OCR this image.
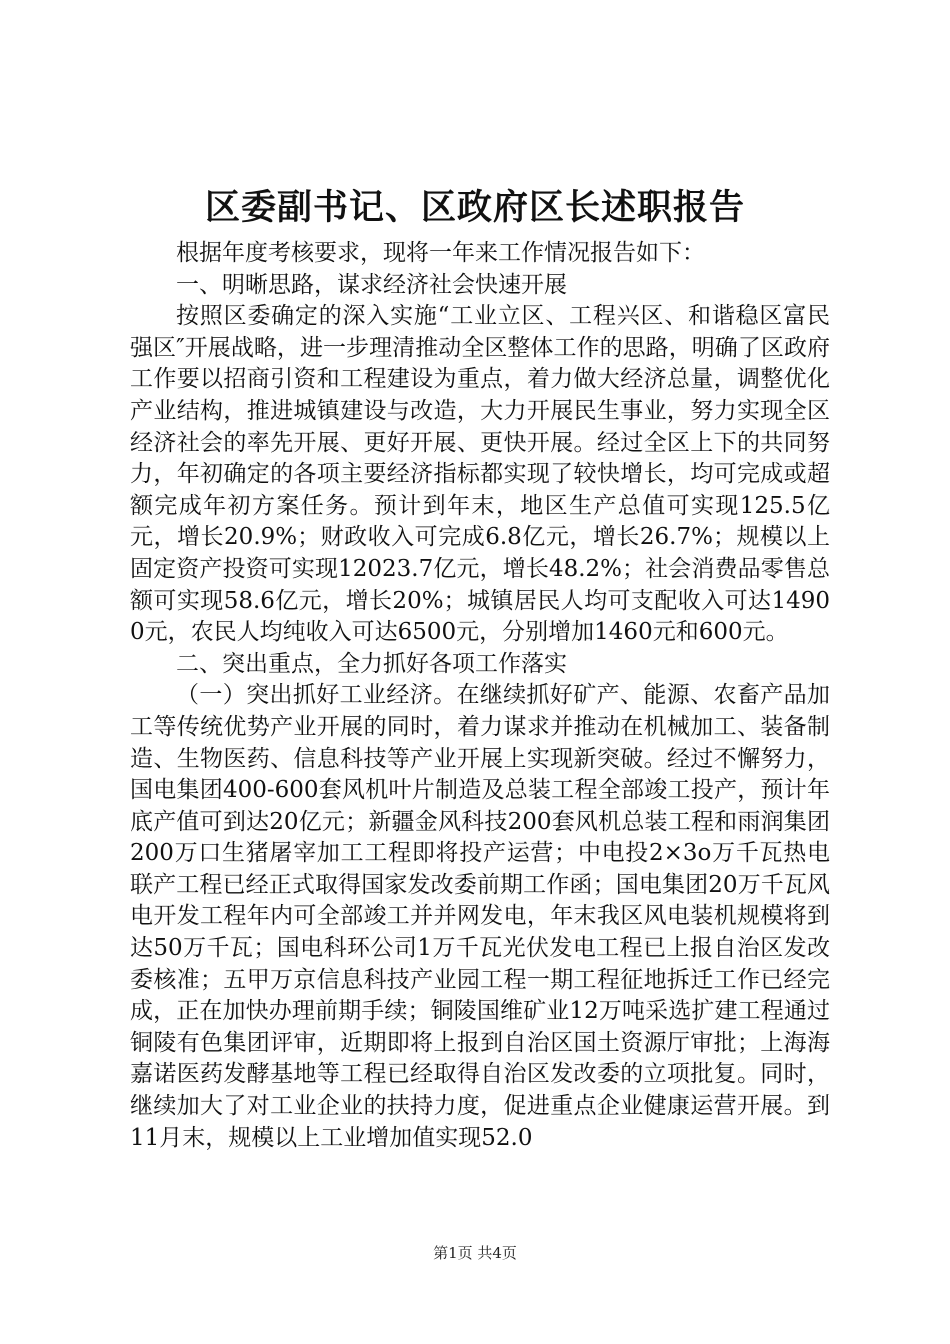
区委副书记、区政府区长述职报告

根据年度考核要求，现将一年来工作情况报告如下：

一、明晰思路，谋求经济社会快速开展

按照区委确定的深入实施“工业立区、工程兴区、和谐稳区富民强区″开展战略，进一步理清推动全区整体工作的思路，明确了区政府工作要以招商引资和工程建设为重点，着力做大经济总量，调整优化产业结构，推进城镇建设与改造，大力开展民生事业，努力实现全区经济社会的率先开展、更好开展、更快开展。经过全区上下的共同努力，年初确定的各项主要经济指标都实现了较快增长，均可完成或超额完成年初方案任务。预计到年末，地区生产总值可实现125.5亿元，增长20.9%；财政收入可完成6.8亿元，增长26.7%；规模以上固定资产投资可实现12023.7亿元，增长48.2%；社会消费品零售总额可实现58.6亿元，增长20%；城镇居民人均可支配收入可达14900元，农民人均纯收入可达6500元，分别增加1460元和600元。

二、突出重点，全力抓好各项工作落实

（一）突出抓好工业经济。在继续抓好矿产、能源、农畜产品加工等传统优势产业开展的同时，着力谋求并推动在机械加工、装备制造、生物医药、信息科技等产业开展上实现新突破。经过不懈努力，国电集团400-600套风机叶片制造及总装工程全部竣工投产，预计年底产值可到达20亿元；新疆金风科技200套风机总装工程和雨润集团200万口生猪屠宰加工工程即将投产运营；中电投2×3o万千瓦热电联产工程已经正式取得国家发改委前期工作函；国电集团20万千瓦风电开发工程年内可全部竣工并并网发电，年末我区风电装机规模将到达50万千瓦；国电科环公司1万千瓦光伏发电工程已上报自治区发改委核准；五甲万京信息科技产业园工程一期工程征地拆迁工作已经完成，正在加快办理前期手续；铜陵国维矿业12万吨采选扩建工程通过铜陵有色集团评审，近期即将上报到自治区国土资源厅审批；上海海嘉诺医药发酵基地等工程已经取得自治区发改委的立项批复。同时，继续加大了对工业企业的扶持力度，促进重点企业健康运营开展。到11月末，规模以上工业增加值实现52.0

第1页 共4页
